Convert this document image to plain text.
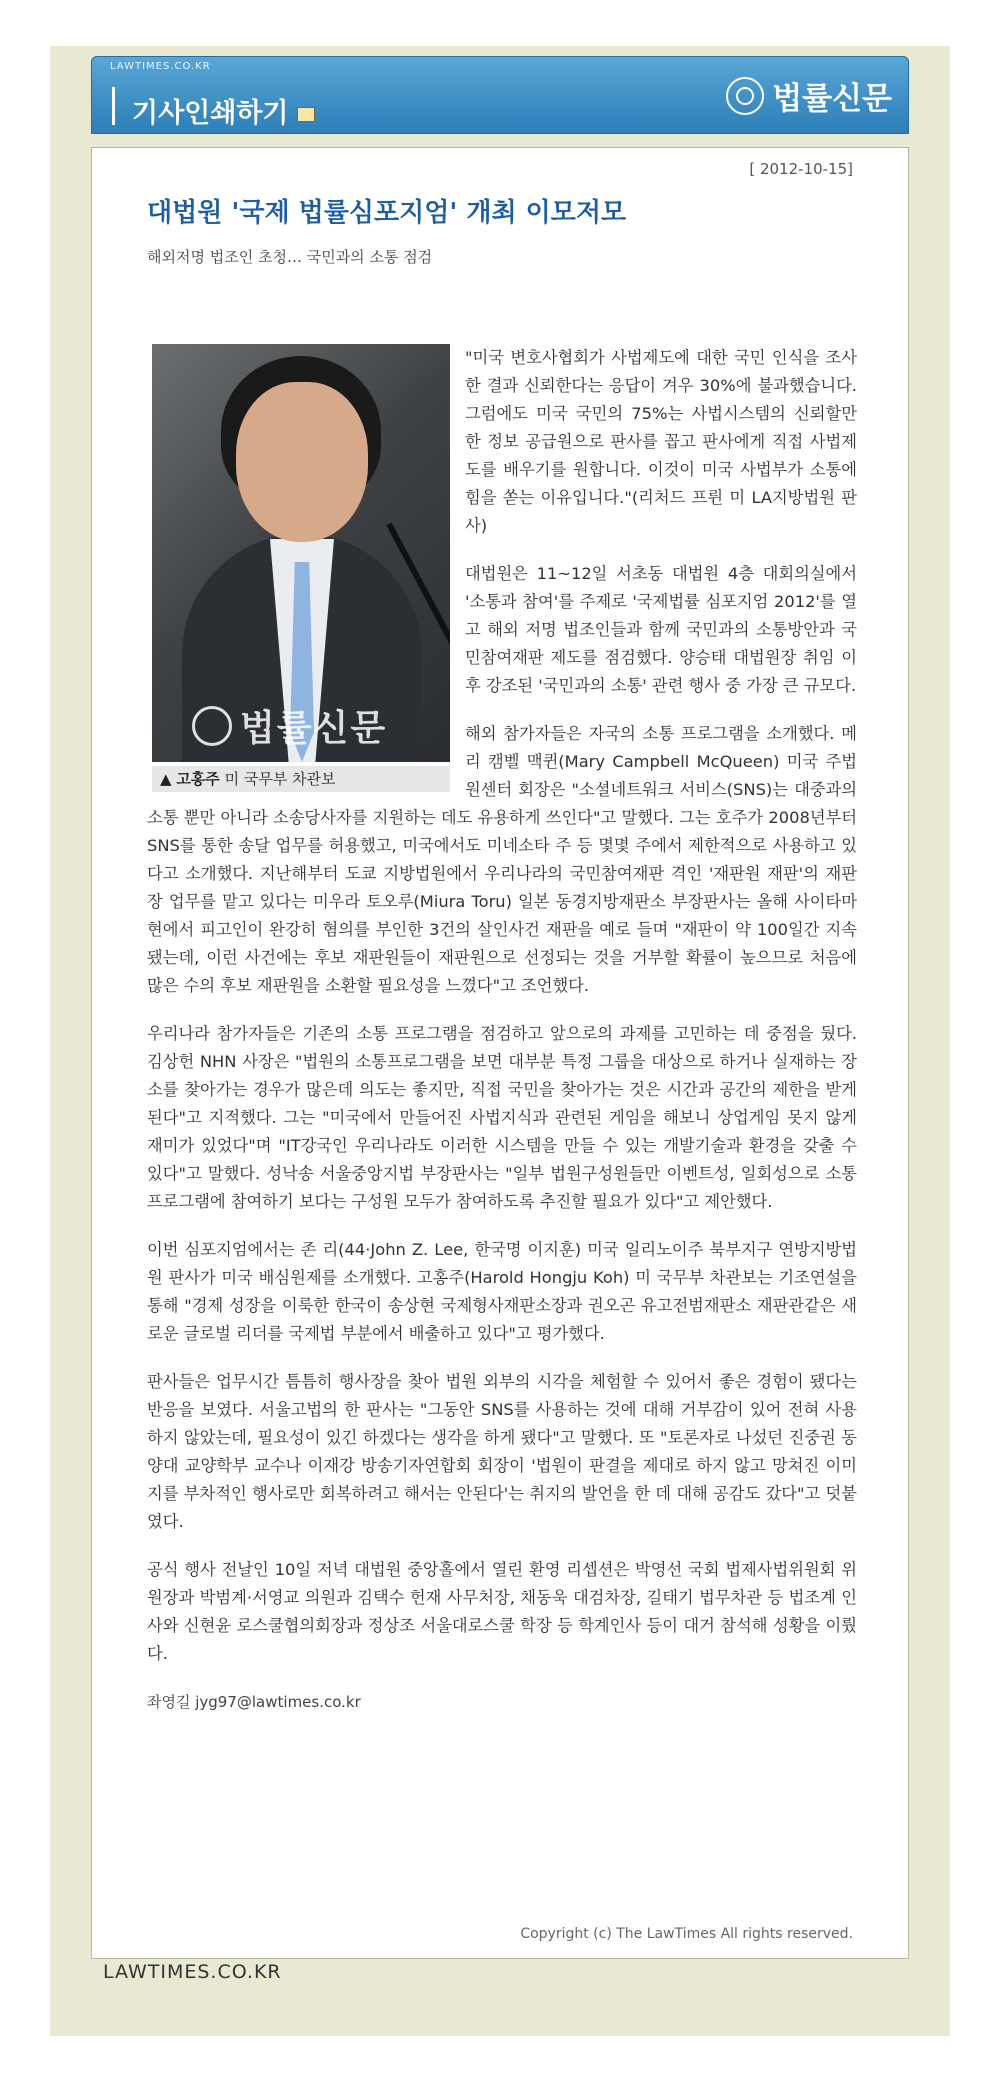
LAWTIMES.CO.KR
기사인쇄하기	법률신문
[ 2012-10-15]
대법원 '국제 법률심포지엄' 개최 이모저모
해외저명 법조인 초청… 국민과의 소통 점검

"미국 변호사협회가 사법제도에 대한 국민 인식을 조사한 결과 신뢰한다는 응답이 겨우 30%에 불과했습니다. 그럼에도 미국 국민의 75%는 사법시스템의 신뢰할만한 정보 공급원으로 판사를 꼽고 판사에게 직접 사법제도를 배우기를 원합니다. 이것이 미국 사법부가 소통에 힘을 쏟는 이유입니다."(리처드 프륀 미 LA지방법원 판사)

대법원은 11~12일 서초동 대법원 4층 대회의실에서 '소통과 참여'를 주제로 '국제법률 심포지엄 2012'를 열고 해외 저명 법조인들과 함께 국민과의 소통방안과 국민참여재판 제도를 점검했다. 양승태 대법원장 취임 이후 강조된 '국민과의 소통' 관련 행사 중 가장 큰 규모다.

해외 참가자들은 자국의 소통 프로그램을 소개했다. 메리 캠벨 맥퀸(Mary Campbell McQueen) 미국 주법원센터 회장은 "소셜네트워크 서비스(SNS)는 대중과의 소통 뿐만 아니라 소송당사자를 지원하는 데도 유용하게 쓰인다"고 말했다. 그는 호주가 2008년부터 SNS를 통한 송달 업무를 허용했고, 미국에서도 미네소타 주 등 몇몇 주에서 제한적으로 사용하고 있다고 소개했다. 지난해부터 도쿄 지방법원에서 우리나라의 국민참여재판 격인 '재판원 재판'의 재판장 업무를 맡고 있다는 미우라 토오루(Miura Toru) 일본 동경지방재판소 부장판사는 올해 사이타마 현에서 피고인이 완강히 혐의를 부인한 3건의 살인사건 재판을 예로 들며 "재판이 약 100일간 지속됐는데, 이런 사건에는 후보 재판원들이 재판원으로 선정되는 것을 거부할 확률이 높으므로 처음에 많은 수의 후보 재판원을 소환할 필요성을 느꼈다"고 조언했다.

우리나라 참가자들은 기존의 소통 프로그램을 점검하고 앞으로의 과제를 고민하는 데 중점을 뒀다. 김상헌 NHN 사장은 "법원의 소통프로그램을 보면 대부분 특정 그룹을 대상으로 하거나 실재하는 장소를 찾아가는 경우가 많은데 의도는 좋지만, 직접 국민을 찾아가는 것은 시간과 공간의 제한을 받게 된다"고 지적했다. 그는 "미국에서 만들어진 사법지식과 관련된 게임을 해보니 상업게임 못지 않게 재미가 있었다"며 "IT강국인 우리나라도 이러한 시스템을 만들 수 있는 개발기술과 환경을 갖출 수 있다"고 말했다. 성낙송 서울중앙지법 부장판사는 "일부 법원구성원들만 이벤트성, 일회성으로 소통 프로그램에 참여하기 보다는 구성원 모두가 참여하도록 추진할 필요가 있다"고 제안했다.

이번 심포지엄에서는 존 리(44·John Z. Lee, 한국명 이지훈) 미국 일리노이주 북부지구 연방지방법원 판사가 미국 배심원제를 소개했다. 고홍주(Harold Hongju Koh) 미 국무부 차관보는 기조연설을 통해 "경제 성장을 이룩한 한국이 송상현 국제형사재판소장과 권오곤 유고전범재판소 재판관같은 새로운 글로벌 리더를 국제법 부분에서 배출하고 있다"고 평가했다.

판사들은 업무시간 틈틈히 행사장을 찾아 법원 외부의 시각을 체험할 수 있어서 좋은 경험이 됐다는 반응을 보였다. 서울고법의 한 판사는 "그동안 SNS를 사용하는 것에 대해 거부감이 있어 전혀 사용하지 않았는데, 필요성이 있긴 하겠다는 생각을 하게 됐다"고 말했다. 또 "토론자로 나섰던 진중권 동양대 교양학부 교수나 이재강 방송기자연합회 회장이 '법원이 판결을 제대로 하지 않고 망쳐진 이미지를 부차적인 행사로만 회복하려고 해서는 안된다'는 취지의 발언을 한 데 대해 공감도 갔다"고 덧붙였다.

공식 행사 전날인 10일 저녁 대법원 중앙홀에서 열린 환영 리셉션은 박영선 국회 법제사법위원회 위원장과 박범계·서영교 의원과 김택수 헌재 사무처장, 채동욱 대검차장, 길태기 법무차관 등 법조계 인사와 신현윤 로스쿨협의회장과 정상조 서울대로스쿨 학장 등 학계인사 등이 대거 참석해 성황을 이뤘다.

좌영길 jyg97@lawtimes.co.kr

법률신문
▲ 고홍주 미 국무부 차관보
Copyright (c) The LawTimes All rights reserved.
LAWTIMES.CO.KR
